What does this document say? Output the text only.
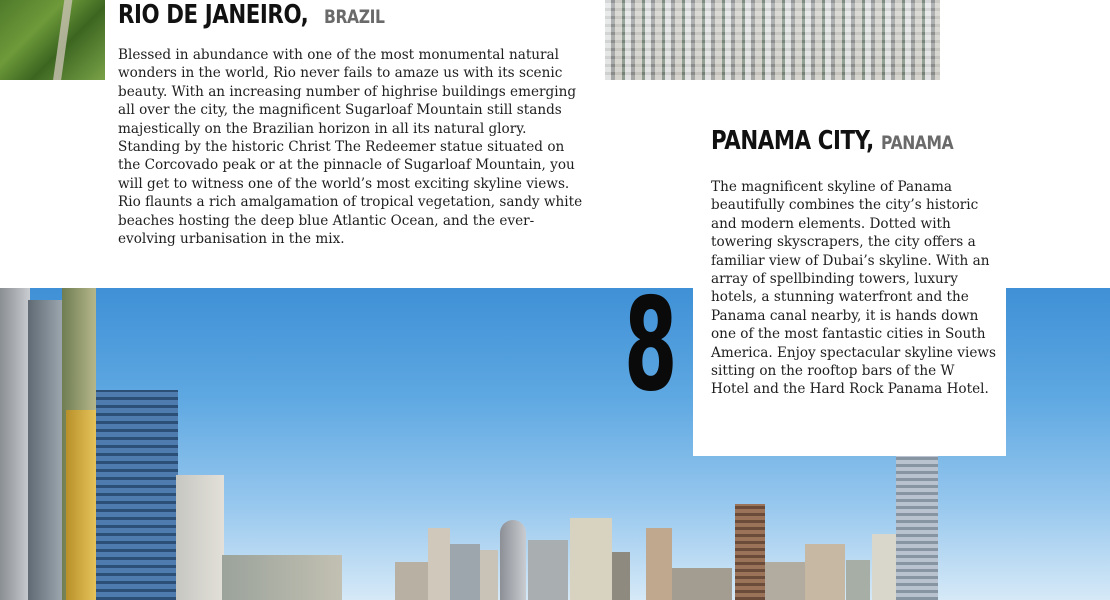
RIO DE JANEIRO, BRAZIL

Blessed in abundance with one of the most monumental natural wonders in the world, Rio never fails to amaze us with its scenic beauty. With an increasing number of highrise buildings emerging all over the city, the magnificent Sugarloaf Mountain still stands majestically on the Brazilian horizon in all its natural glory. Standing by the historic Christ The Redeemer statue situated on the Corcovado peak or at the pinnacle of Sugarloaf Mountain, you will get to witness one of the world’s most exciting skyline views. Rio flaunts a rich amalgamation of tropical vegetation, sandy white beaches hosting the deep blue Atlantic Ocean, and the ever-evolving urbanisation in the mix.

PANAMA CITY, PANAMA

The magnificent skyline of Panama beautifully combines the city’s historic and modern elements. Dotted with towering skyscrapers, the city offers a familiar view of Dubai’s skyline. With an array of spellbinding towers, luxury hotels, a stunning waterfront and the Panama canal nearby, it is hands down one of the most fantastic cities in South America. Enjoy spectacular skyline views sitting on the rooftop bars of the W Hotel and the Hard Rock Panama Hotel.

8
